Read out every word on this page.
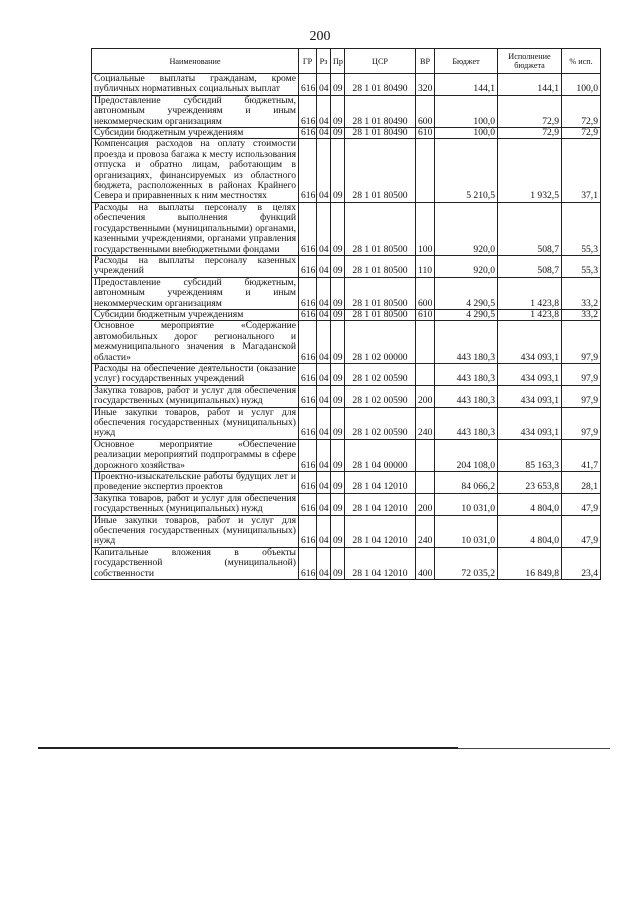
200
Наименование	ГР	Рз	Пр	ЦСР	ВР	Бюджет	Исполнение бюджета	% исп.
Социальные выплаты гражданам, кроме публичных нормативных социальных выплат	616	04	09	28 1 01 80490	320	144,1	144,1	100,0
Предоставление субсидий бюджетным, автономным учреждениям и иным некоммерческим организациям	616	04	09	28 1 01 80490	600	100,0	72,9	72,9
Субсидии бюджетным учреждениям	616	04	09	28 1 01 80490	610	100,0	72,9	72,9
Компенсация расходов на оплату стоимости проезда и провоза багажа к месту использования отпуска и обратно лицам, работающим в организациях, финансируемых из областного бюджета, расположенных в районах Крайнего Севера и приравненных к ним местностях	616	04	09	28 1 01 80500		5 210,5	1 932,5	37,1
Расходы на выплаты персоналу в целях обеспечения выполнения функций государственными (муниципальными) органами, казенными учреждениями, органами управления государственными внебюджетными фондами	616	04	09	28 1 01 80500	100	920,0	508,7	55,3
Расходы на выплаты персоналу казенных учреждений	616	04	09	28 1 01 80500	110	920,0	508,7	55,3
Предоставление субсидий бюджетным, автономным учреждениям и иным некоммерческим организациям	616	04	09	28 1 01 80500	600	4 290,5	1 423,8	33,2
Субсидии бюджетным учреждениям	616	04	09	28 1 01 80500	610	4 290,5	1 423,8	33,2
Основное мероприятие «Содержание автомобильных дорог регионального и межмуниципального значения в Магаданской области»	616	04	09	28 1 02 00000		443 180,3	434 093,1	97,9
Расходы на обеспечение деятельности (оказание услуг) государственных учреждений	616	04	09	28 1 02 00590		443 180,3	434 093,1	97,9
Закупка товаров, работ и услуг для обеспечения государственных (муниципальных) нужд	616	04	09	28 1 02 00590	200	443 180,3	434 093,1	97,9
Иные закупки товаров, работ и услуг для обеспечения государственных (муниципальных) нужд	616	04	09	28 1 02 00590	240	443 180,3	434 093,1	97,9
Основное мероприятие «Обеспечение реализации мероприятий подпрограммы в сфере дорожного хозяйства»	616	04	09	28 1 04 00000		204 108,0	85 163,3	41,7
Проектно-изыскательские работы будущих лет и проведение экспертиз проектов	616	04	09	28 1 04 12010		84 066,2	23 653,8	28,1
Закупка товаров, работ и услуг для обеспечения государственных (муниципальных) нужд	616	04	09	28 1 04 12010	200	10 031,0	4 804,0	47,9
Иные закупки товаров, работ и услуг для обеспечения государственных (муниципальных) нужд	616	04	09	28 1 04 12010	240	10 031,0	4 804,0	47,9
Капитальные вложения в объекты государственной (муниципальной) собственности	616	04	09	28 1 04 12010	400	72 035,2	16 849,8	23,4
